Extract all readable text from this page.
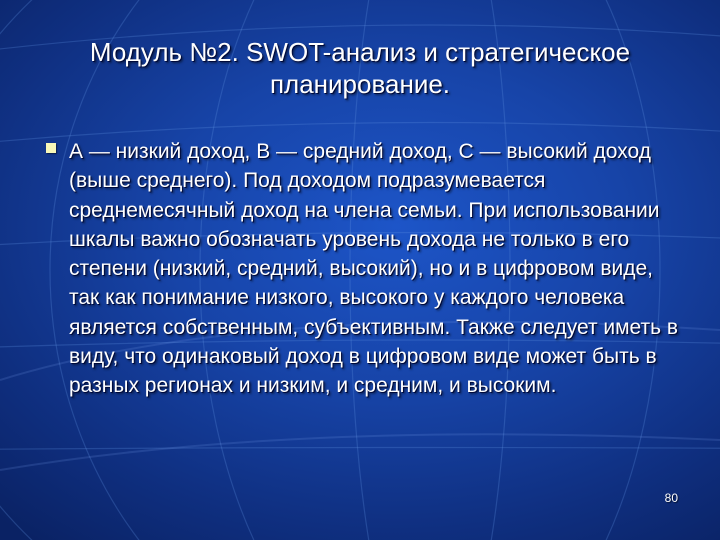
Модуль №2. SWOT-анализ и стратегическое
планирование.

А — низкий доход, В — средний доход, С — высокий доход (выше среднего). Под доходом подразумевается среднемесячный доход на члена семьи. При использовании шкалы важно обозначать уровень дохода не только в его степени (низкий, средний, высокий), но и в цифровом виде, так как понимание низкого, высокого у каждого человека является собственным, субъективным. Также следует иметь в виду, что одинаковый доход в цифровом виде может быть в разных регионах и низким, и средним, и высоким.

80
